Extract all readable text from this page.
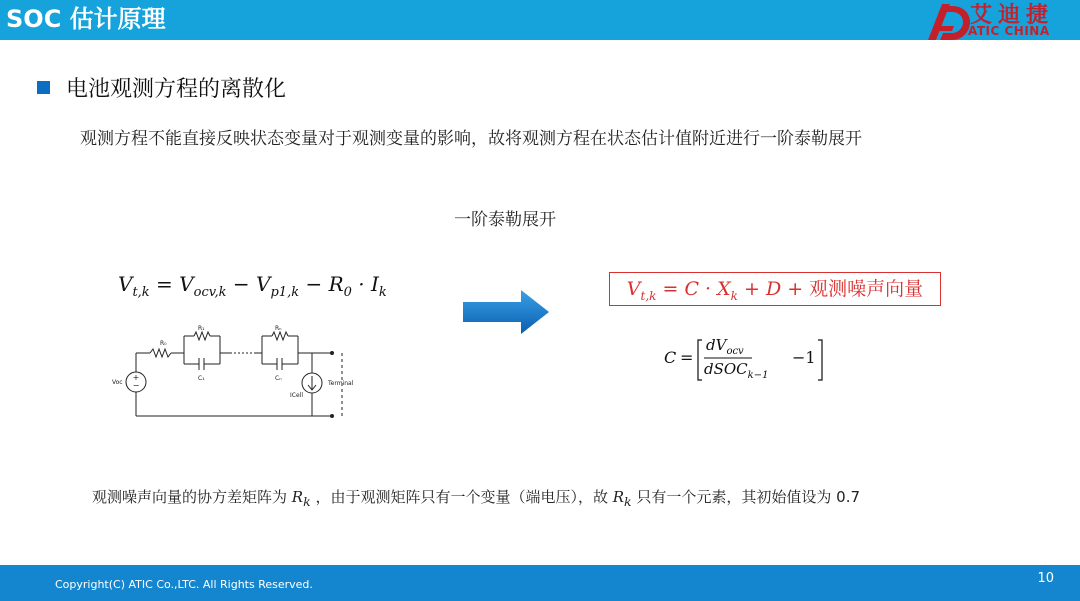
SOC 估计原理	艾迪捷
ATIC CHINA
电池观测方程的离散化
观测方程不能直接反映状态变量对于观测变量的影响，故将观测方程在状态估计值附近进行一阶泰勒展开
一阶泰勒展开
$V_{t,k} = V_{ocv,k} - V_{p1,k} - R_0 \cdot I_k$	$V_{t,k} = C \cdot X_k + D$ + 观测噪声向量
C =
$dV_{ocv}$
dSOC$_{k-1}$
−1
+
−
R₀
R₁
C₁
Rₙ
Cₙ
Voc
ICell
Terminal
观测噪声向量的协方差矩阵为 $R_k$ ，由于观测矩阵只有一个变量（端电压），故 $R_k$ 只有一个元素，其初始值设为 0.7
Copyright(C) ATIC Co.,LTC. All Rights Reserved.	10
